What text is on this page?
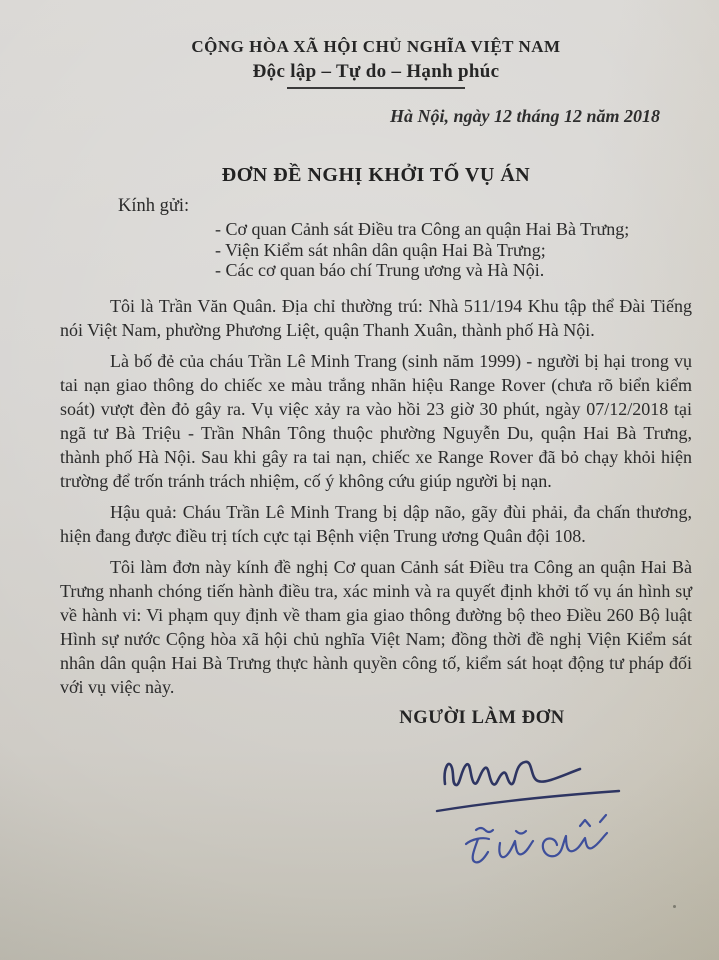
CỘNG HÒA XÃ HỘI CHỦ NGHĨA VIỆT NAM
Độc lập – Tự do – Hạnh phúc
Hà Nội, ngày 12 tháng 12 năm 2018
ĐƠN ĐỀ NGHỊ KHỞI TỐ VỤ ÁN
Kính gửi:
- Cơ quan Cảnh sát Điều tra Công an quận Hai Bà Trưng;
- Viện Kiểm sát nhân dân quận Hai Bà Trưng;
- Các cơ quan báo chí Trung ương và Hà Nội.

Tôi là Trần Văn Quân. Địa chỉ thường trú: Nhà 511/194 Khu tập thể Đài Tiếng nói Việt Nam, phường Phương Liệt, quận Thanh Xuân, thành phố Hà Nội.

Là bố đẻ của cháu Trần Lê Minh Trang (sinh năm 1999) - người bị hại trong vụ tai nạn giao thông do chiếc xe màu trắng nhãn hiệu Range Rover (chưa rõ biển kiểm soát) vượt đèn đỏ gây ra. Vụ việc xảy ra vào hồi 23 giờ 30 phút, ngày 07/12/2018 tại ngã tư Bà Triệu - Trần Nhân Tông thuộc phường Nguyễn Du, quận Hai Bà Trưng, thành phố Hà Nội. Sau khi gây ra tai nạn, chiếc xe Range Rover đã bỏ chạy khỏi hiện trường để trốn tránh trách nhiệm, cố ý không cứu giúp người bị nạn.

Hậu quả: Cháu Trần Lê Minh Trang bị dập não, gãy đùi phải, đa chấn thương, hiện đang được điều trị tích cực tại Bệnh viện Trung ương Quân đội 108.

Tôi làm đơn này kính đề nghị Cơ quan Cảnh sát Điều tra Công an quận Hai Bà Trưng nhanh chóng tiến hành điều tra, xác minh và ra quyết định khởi tố vụ án hình sự về hành vi: Vi phạm quy định về tham gia giao thông đường bộ theo Điều 260 Bộ luật Hình sự nước Cộng hòa xã hội chủ nghĩa Việt Nam; đồng thời đề nghị Viện Kiểm sát nhân dân quận Hai Bà Trưng thực hành quyền công tố, kiểm sát hoạt động tư pháp đối với vụ việc này.

NGƯỜI LÀM ĐƠN
